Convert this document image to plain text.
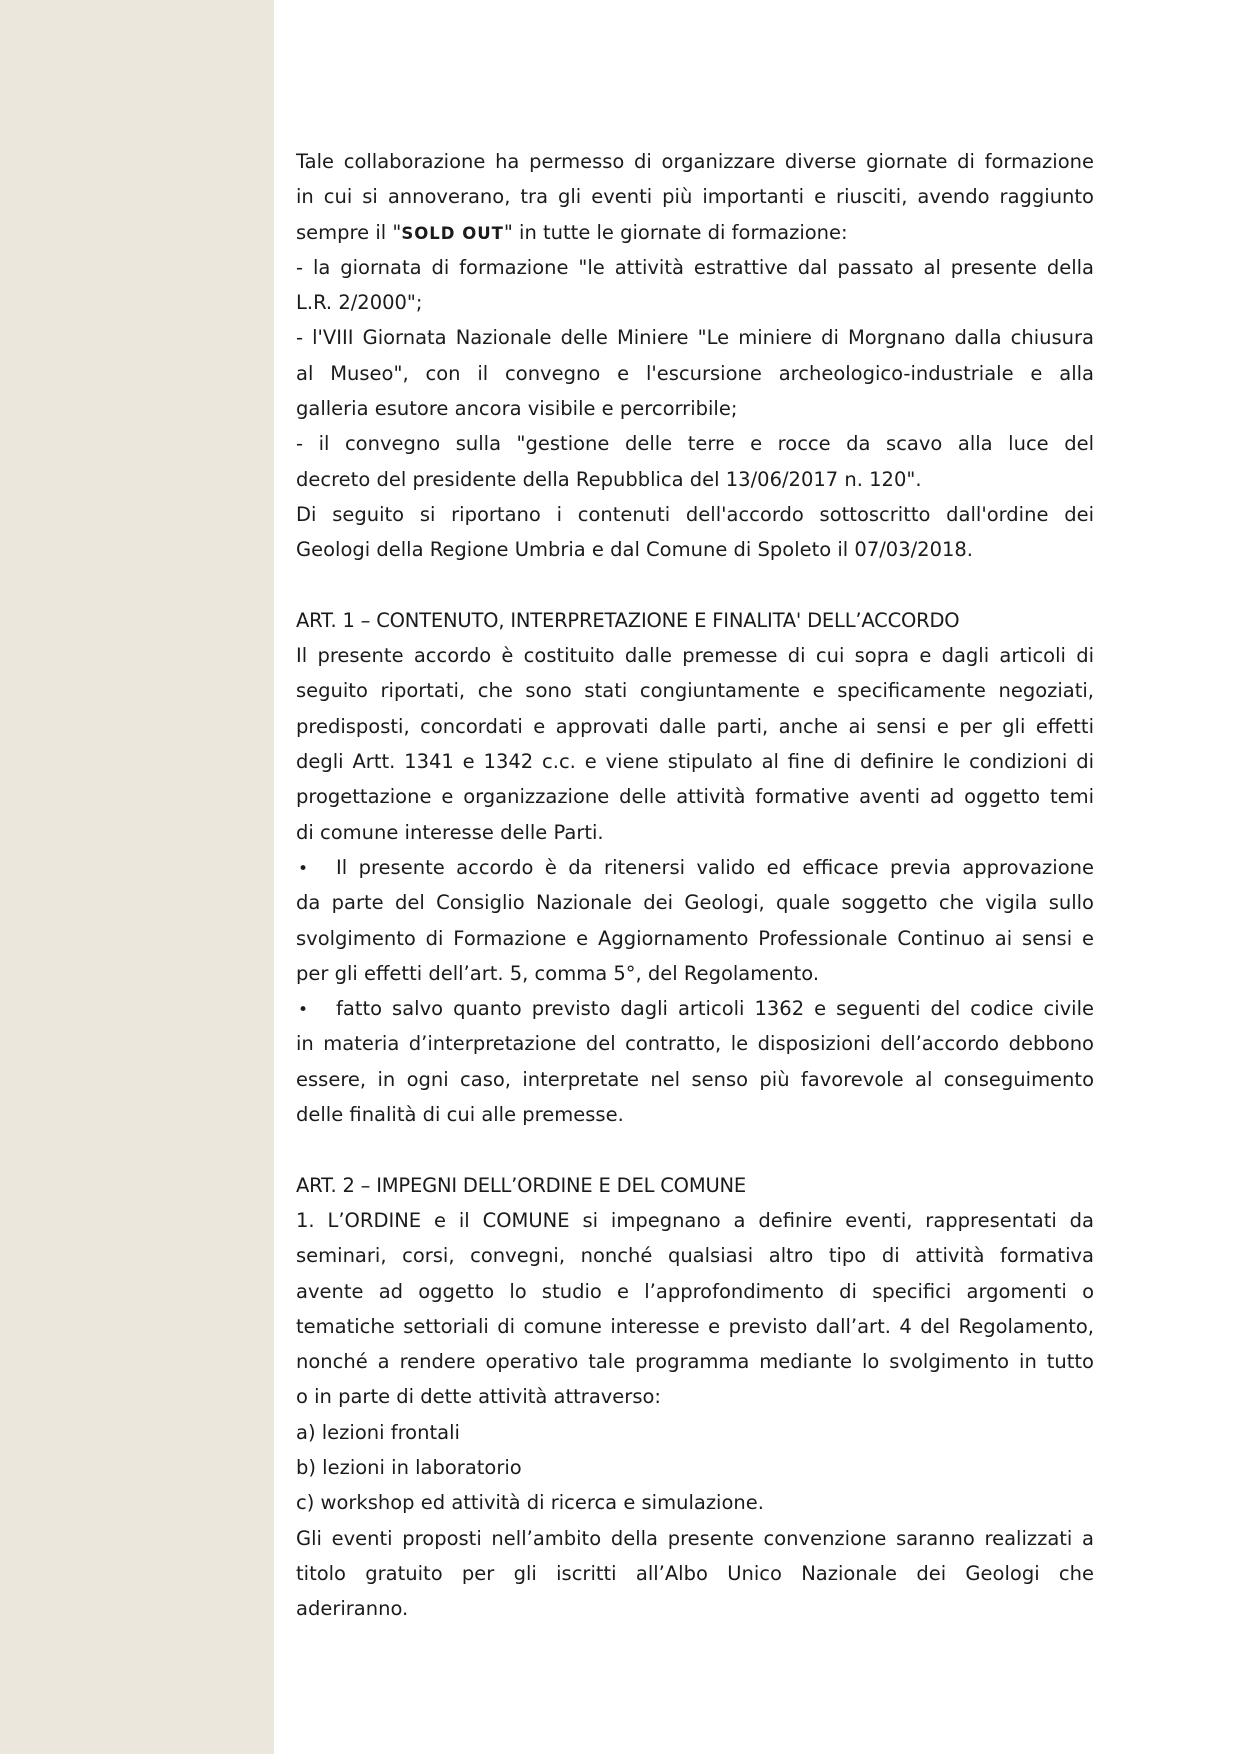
Tale collaborazione ha permesso di organizzare diverse giornate di formazione
in cui si annoverano, tra gli eventi più importanti e riusciti, avendo raggiunto
sempre il "SOLD OUT" in tutte le giornate di formazione:
- la giornata di formazione "le attività estrattive dal passato al presente della
L.R. 2/2000";
- l'VIII Giornata Nazionale delle Miniere "Le miniere di Morgnano dalla chiusura
al Museo", con il convegno e l'escursione archeologico-industriale e alla
galleria esutore ancora visibile e percorribile;
- il convegno sulla "gestione delle terre e rocce da scavo alla luce del
decreto del presidente della Repubblica del 13/06/2017 n. 120".
Di seguito si riportano i contenuti dell'accordo sottoscritto dall'ordine dei
Geologi della Regione Umbria e dal Comune di Spoleto il 07/03/2018.
ART. 1 – CONTENUTO, INTERPRETAZIONE E FINALITA' DELL’ACCORDO
Il presente accordo è costituito dalle premesse di cui sopra e dagli articoli di
seguito riportati, che sono stati congiuntamente e specificamente negoziati,
predisposti, concordati e approvati dalle parti, anche ai sensi e per gli effetti
degli Artt. 1341 e 1342 c.c. e viene stipulato al fine di definire le condizioni di
progettazione e organizzazione delle attività formative aventi ad oggetto temi
di comune interesse delle Parti.
•	Il presente accordo è da ritenersi valido ed efficace previa approvazione
da parte del Consiglio Nazionale dei Geologi, quale soggetto che vigila sullo
svolgimento di Formazione e Aggiornamento Professionale Continuo ai sensi e
per gli effetti dell’art. 5, comma 5°, del Regolamento.
•	fatto salvo quanto previsto dagli articoli 1362 e seguenti del codice civile
in materia d’interpretazione del contratto, le disposizioni dell’accordo debbono
essere, in ogni caso, interpretate nel senso più favorevole al conseguimento
delle finalità di cui alle premesse.
ART. 2 – IMPEGNI DELL’ORDINE E DEL COMUNE
1. L’ORDINE e il COMUNE si impegnano a definire eventi, rappresentati da
seminari, corsi, convegni, nonché qualsiasi altro tipo di attività formativa
avente ad oggetto lo studio e l’approfondimento di specifici argomenti o
tematiche settoriali di comune interesse e previsto dall’art. 4 del Regolamento,
nonché a rendere operativo tale programma mediante lo svolgimento in tutto
o in parte di dette attività attraverso:
a) lezioni frontali
b) lezioni in laboratorio
c) workshop ed attività di ricerca e simulazione.
Gli eventi proposti nell’ambito della presente convenzione saranno realizzati a
titolo gratuito per gli iscritti all’Albo Unico Nazionale dei Geologi che
aderiranno.
